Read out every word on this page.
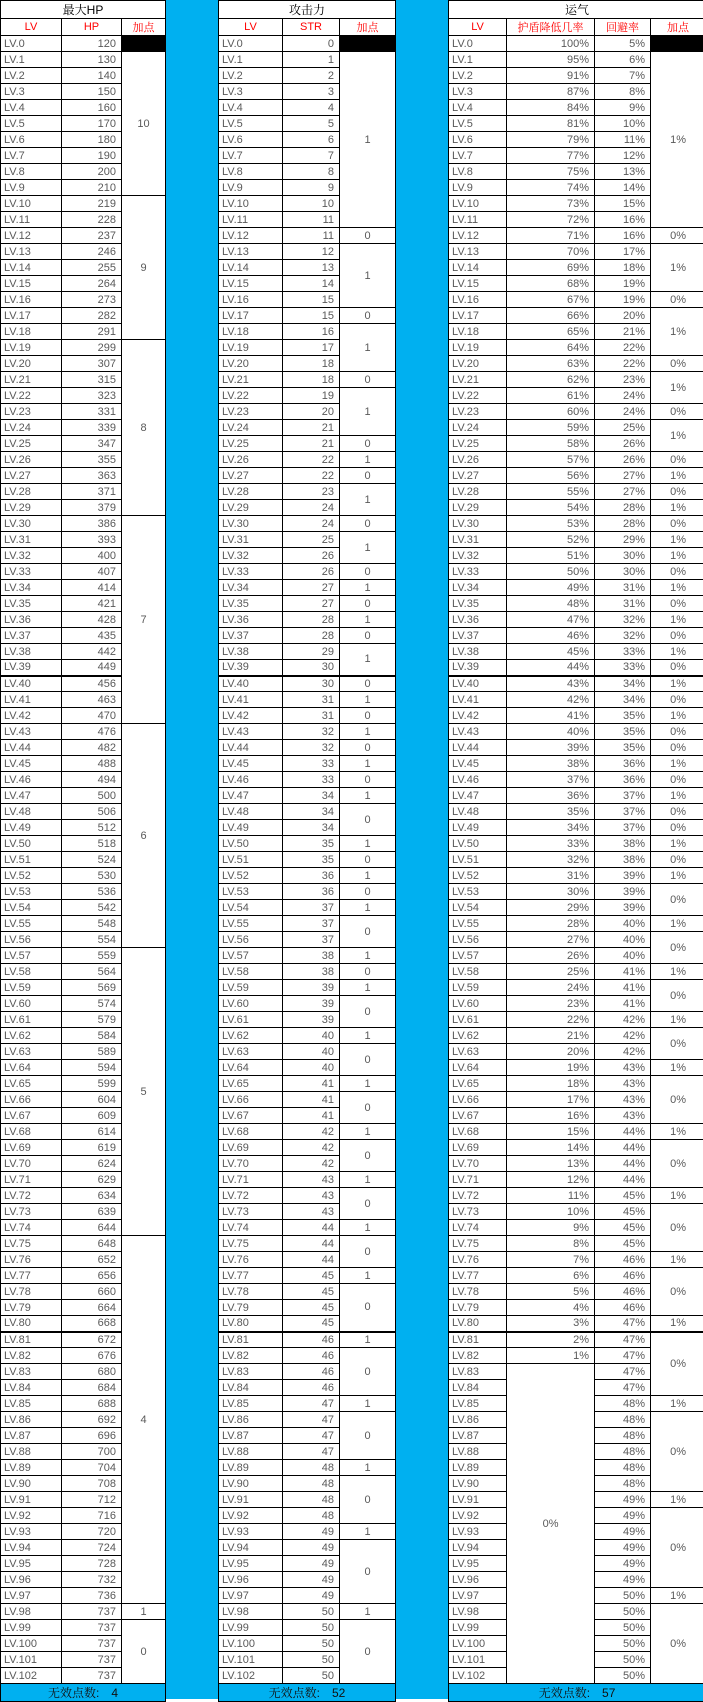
最大HP		
LV	HP	加点
LV.0	120	
LV.1	130	10
LV.2	140	
LV.3	150	
LV.4	160	
LV.5	170	
LV.6	180	
LV.7	190	
LV.8	200	
LV.9	210	
LV.10	219	9
LV.11	228	
LV.12	237	
LV.13	246	
LV.14	255	
LV.15	264	
LV.16	273	
LV.17	282	
LV.18	291	
LV.19	299	8
LV.20	307	
LV.21	315	
LV.22	323	
LV.23	331	
LV.24	339	
LV.25	347	
LV.26	355	
LV.27	363	
LV.28	371	
LV.29	379	
LV.30	386	7
LV.31	393	
LV.32	400	
LV.33	407	
LV.34	414	
LV.35	421	
LV.36	428	
LV.37	435	
LV.38	442	
LV.39	449	
LV.40	456	
LV.41	463	
LV.42	470	
LV.43	476	6
LV.44	482	
LV.45	488	
LV.46	494	
LV.47	500	
LV.48	506	
LV.49	512	
LV.50	518	
LV.51	524	
LV.52	530	
LV.53	536	
LV.54	542	
LV.55	548	
LV.56	554	
LV.57	559	5
LV.58	564	
LV.59	569	
LV.60	574	
LV.61	579	
LV.62	584	
LV.63	589	
LV.64	594	
LV.65	599	
LV.66	604	
LV.67	609	
LV.68	614	
LV.69	619	
LV.70	624	
LV.71	629	
LV.72	634	
LV.73	639	
LV.74	644	
LV.75	648	4
LV.76	652	
LV.77	656	
LV.78	660	
LV.79	664	
LV.80	668	
LV.81	672	
LV.82	676	
LV.83	680	
LV.84	684	
LV.85	688	
LV.86	692	
LV.87	696	
LV.88	700	
LV.89	704	
LV.90	708	
LV.91	712	
LV.92	716	
LV.93	720	
LV.94	724	
LV.95	728	
LV.96	732	
LV.97	736	
LV.98	737	1
LV.99	737	0
LV.100	737	
LV.101	737	
LV.102	737	
无效点数: 4		
攻击力		
LV	STR	加点
LV.0	0	
LV.1	1	1
LV.2	2	
LV.3	3	
LV.4	4	
LV.5	5	
LV.6	6	
LV.7	7	
LV.8	8	
LV.9	9	
LV.10	10	
LV.11	11	
LV.12	11	0
LV.13	12	1
LV.14	13	
LV.15	14	
LV.16	15	
LV.17	15	0
LV.18	16	1
LV.19	17	
LV.20	18	
LV.21	18	0
LV.22	19	1
LV.23	20	
LV.24	21	
LV.25	21	0
LV.26	22	1
LV.27	22	0
LV.28	23	1
LV.29	24	
LV.30	24	0
LV.31	25	1
LV.32	26	
LV.33	26	0
LV.34	27	1
LV.35	27	0
LV.36	28	1
LV.37	28	0
LV.38	29	1
LV.39	30	
LV.40	30	0
LV.41	31	1
LV.42	31	0
LV.43	32	1
LV.44	32	0
LV.45	33	1
LV.46	33	0
LV.47	34	1
LV.48	34	0
LV.49	34	
LV.50	35	1
LV.51	35	0
LV.52	36	1
LV.53	36	0
LV.54	37	1
LV.55	37	0
LV.56	37	
LV.57	38	1
LV.58	38	0
LV.59	39	1
LV.60	39	0
LV.61	39	
LV.62	40	1
LV.63	40	0
LV.64	40	
LV.65	41	1
LV.66	41	0
LV.67	41	
LV.68	42	1
LV.69	42	0
LV.70	42	
LV.71	43	1
LV.72	43	0
LV.73	43	
LV.74	44	1
LV.75	44	0
LV.76	44	
LV.77	45	1
LV.78	45	0
LV.79	45	
LV.80	45	
LV.81	46	1
LV.82	46	0
LV.83	46	
LV.84	46	
LV.85	47	1
LV.86	47	0
LV.87	47	
LV.88	47	
LV.89	48	1
LV.90	48	0
LV.91	48	
LV.92	48	
LV.93	49	1
LV.94	49	0
LV.95	49	
LV.96	49	
LV.97	49	
LV.98	50	1
LV.99	50	0
LV.100	50	
LV.101	50	
LV.102	50	
无效点数: 52		
运气			
LV	护盾降低几率	回避率	加点
LV.0	100%	5%	
LV.1	95%	6%	1%
LV.2	91%	7%	
LV.3	87%	8%	
LV.4	84%	9%	
LV.5	81%	10%	
LV.6	79%	11%	
LV.7	77%	12%	
LV.8	75%	13%	
LV.9	74%	14%	
LV.10	73%	15%	
LV.11	72%	16%	
LV.12	71%	16%	0%
LV.13	70%	17%	1%
LV.14	69%	18%	
LV.15	68%	19%	
LV.16	67%	19%	0%
LV.17	66%	20%	1%
LV.18	65%	21%	
LV.19	64%	22%	
LV.20	63%	22%	0%
LV.21	62%	23%	1%
LV.22	61%	24%	
LV.23	60%	24%	0%
LV.24	59%	25%	1%
LV.25	58%	26%	
LV.26	57%	26%	0%
LV.27	56%	27%	1%
LV.28	55%	27%	0%
LV.29	54%	28%	1%
LV.30	53%	28%	0%
LV.31	52%	29%	1%
LV.32	51%	30%	1%
LV.33	50%	30%	0%
LV.34	49%	31%	1%
LV.35	48%	31%	0%
LV.36	47%	32%	1%
LV.37	46%	32%	0%
LV.38	45%	33%	1%
LV.39	44%	33%	0%
LV.40	43%	34%	1%
LV.41	42%	34%	0%
LV.42	41%	35%	1%
LV.43	40%	35%	0%
LV.44	39%	35%	0%
LV.45	38%	36%	1%
LV.46	37%	36%	0%
LV.47	36%	37%	1%
LV.48	35%	37%	0%
LV.49	34%	37%	0%
LV.50	33%	38%	1%
LV.51	32%	38%	0%
LV.52	31%	39%	1%
LV.53	30%	39%	0%
LV.54	29%	39%	
LV.55	28%	40%	1%
LV.56	27%	40%	0%
LV.57	26%	40%	
LV.58	25%	41%	1%
LV.59	24%	41%	0%
LV.60	23%	41%	
LV.61	22%	42%	1%
LV.62	21%	42%	0%
LV.63	20%	42%	
LV.64	19%	43%	1%
LV.65	18%	43%	0%
LV.66	17%	43%	
LV.67	16%	43%	
LV.68	15%	44%	1%
LV.69	14%	44%	0%
LV.70	13%	44%	
LV.71	12%	44%	
LV.72	11%	45%	1%
LV.73	10%	45%	0%
LV.74	9%	45%	
LV.75	8%	45%	
LV.76	7%	46%	1%
LV.77	6%	46%	0%
LV.78	5%	46%	
LV.79	4%	46%	
LV.80	3%	47%	1%
LV.81	2%	47%	0%
LV.82	1%	47%	
LV.83	0%	47%	
LV.84		47%	
LV.85		48%	1%
LV.86		48%	0%
LV.87		48%	
LV.88		48%	
LV.89		48%	
LV.90		48%	
LV.91		49%	1%
LV.92		49%	0%
LV.93		49%	
LV.94		49%	
LV.95		49%	
LV.96		49%	
LV.97		50%	1%
LV.98		50%	0%
LV.99		50%	
LV.100		50%	
LV.101		50%	
LV.102		50%	
无效点数: 57			
